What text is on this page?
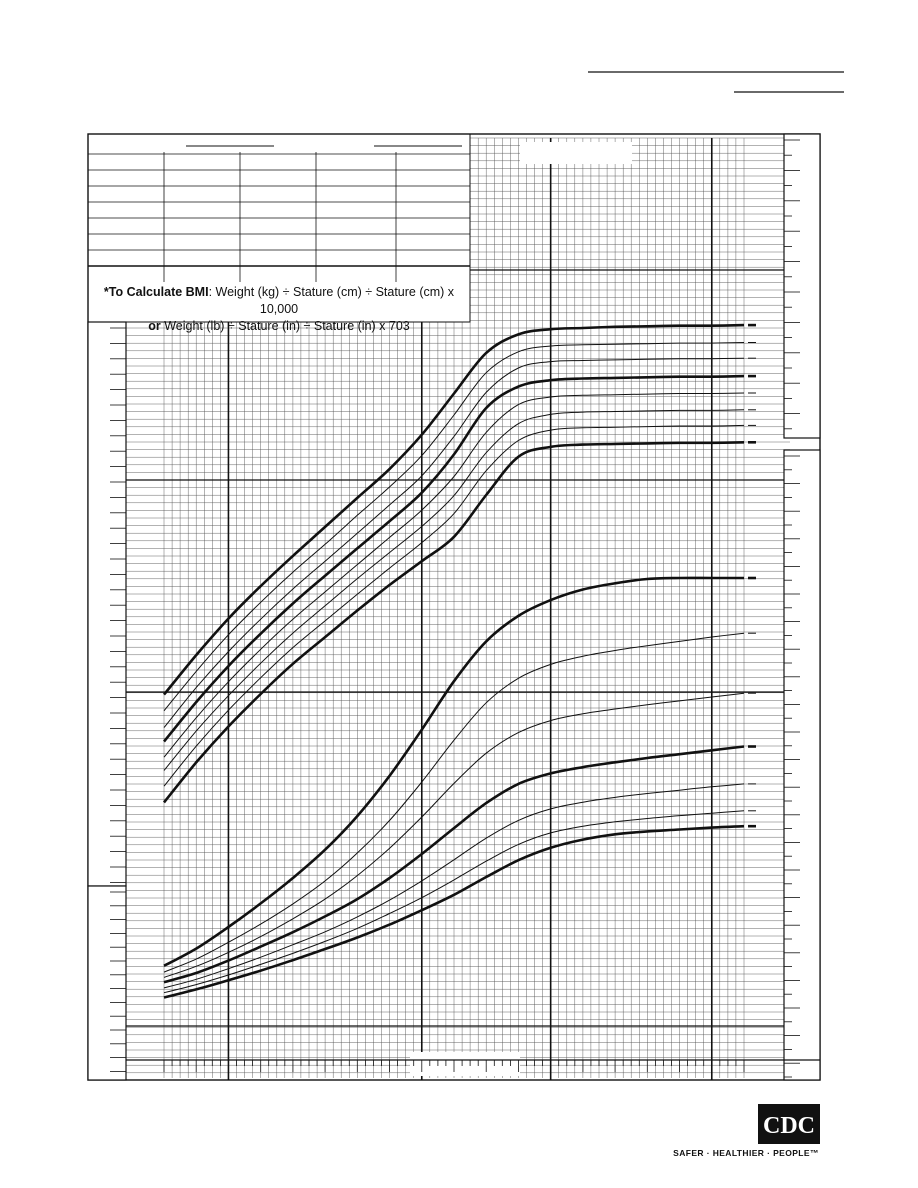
*To Calculate BMI: Weight (kg) ÷ Stature (cm) ÷ Stature (cm) x 10,000
or Weight (lb) ÷ Stature (in) ÷ Stature (in) x 703
CDC
SAFER · HEALTHIER · PEOPLE™
